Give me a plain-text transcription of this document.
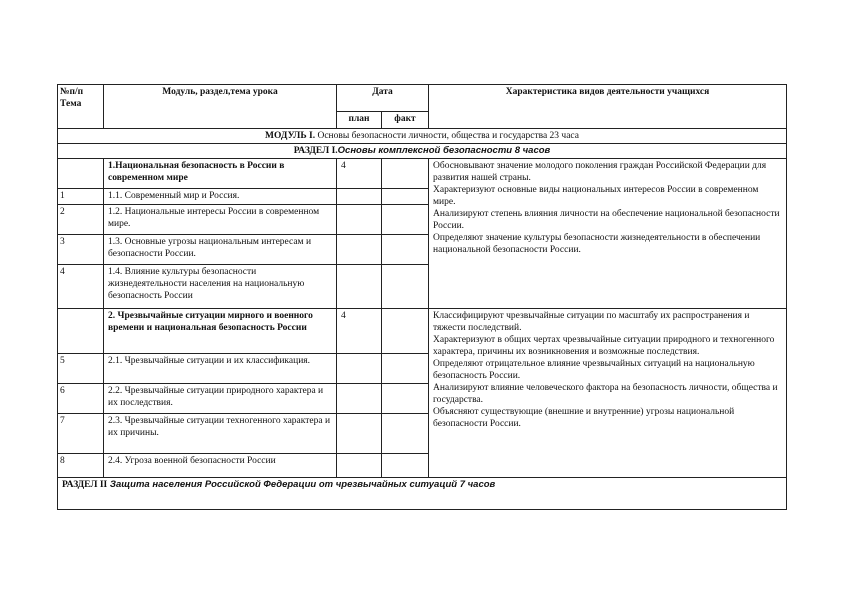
№п/п Тема	Модуль, раздел,тема урока	Дата		Характеристика видов деятельности учащихся
		план	факт	
МОДУЛЬ I. Основы безопасности личности, общества и государства 23 часа				
РАЗДЕЛ I.Основы комплексной безопасности 8 часов				
	1.Национальная безопасность в России в современном мире	4		Обосновывают значение молодого поколения граждан Российской Федерации для развития нашей страны.
Характеризуют основные виды национальных интересов России в современном мире.
Анализируют степень влияния личности на обеспечение национальной безопасности России.
Определяют значение культуры безопасности жизнедеятельности в обеспечении национальной безопасности России.

1	1.1. Современный мир и Россия.			
2	1.2. Национальные интересы России в современном мире.			
3	1.3. Основные угрозы национальным интересам и безопасности России.			
4	1.4. Влияние культуры безопасности жизнедеятельности населения на национальную безопасность России			
	2. Чрезвычайные ситуации мирного и военного времени и национальная безопасность России	4		Классифицируют чрезвычайные ситуации по масштабу их распространения и тяжести последствий.
Характеризуют в общих чертах чрезвычайные ситуации природного и техногенного характера, причины их возникновения и возможные последствия.
Определяют отрицательное влияние чрезвычайных ситуаций на национальную безопасность России.
Анализируют влияние человеческого фактора на безопасность личности, общества и государства.
Объясняют существующие (внешние и внутренние) угрозы национальной безопасности России.

5	2.1. Чрезвычайные ситуации и их классификация.			
6	2.2. Чрезвычайные ситуации природного характера и их последствия.			
7	2.3. Чрезвычайные ситуации техногенного характера и их причины.			
8	2.4. Угроза военной безопасности России			
РАЗДЕЛ II Защита населения Российской Федерации от чрезвычайных ситуаций 7 часов				
